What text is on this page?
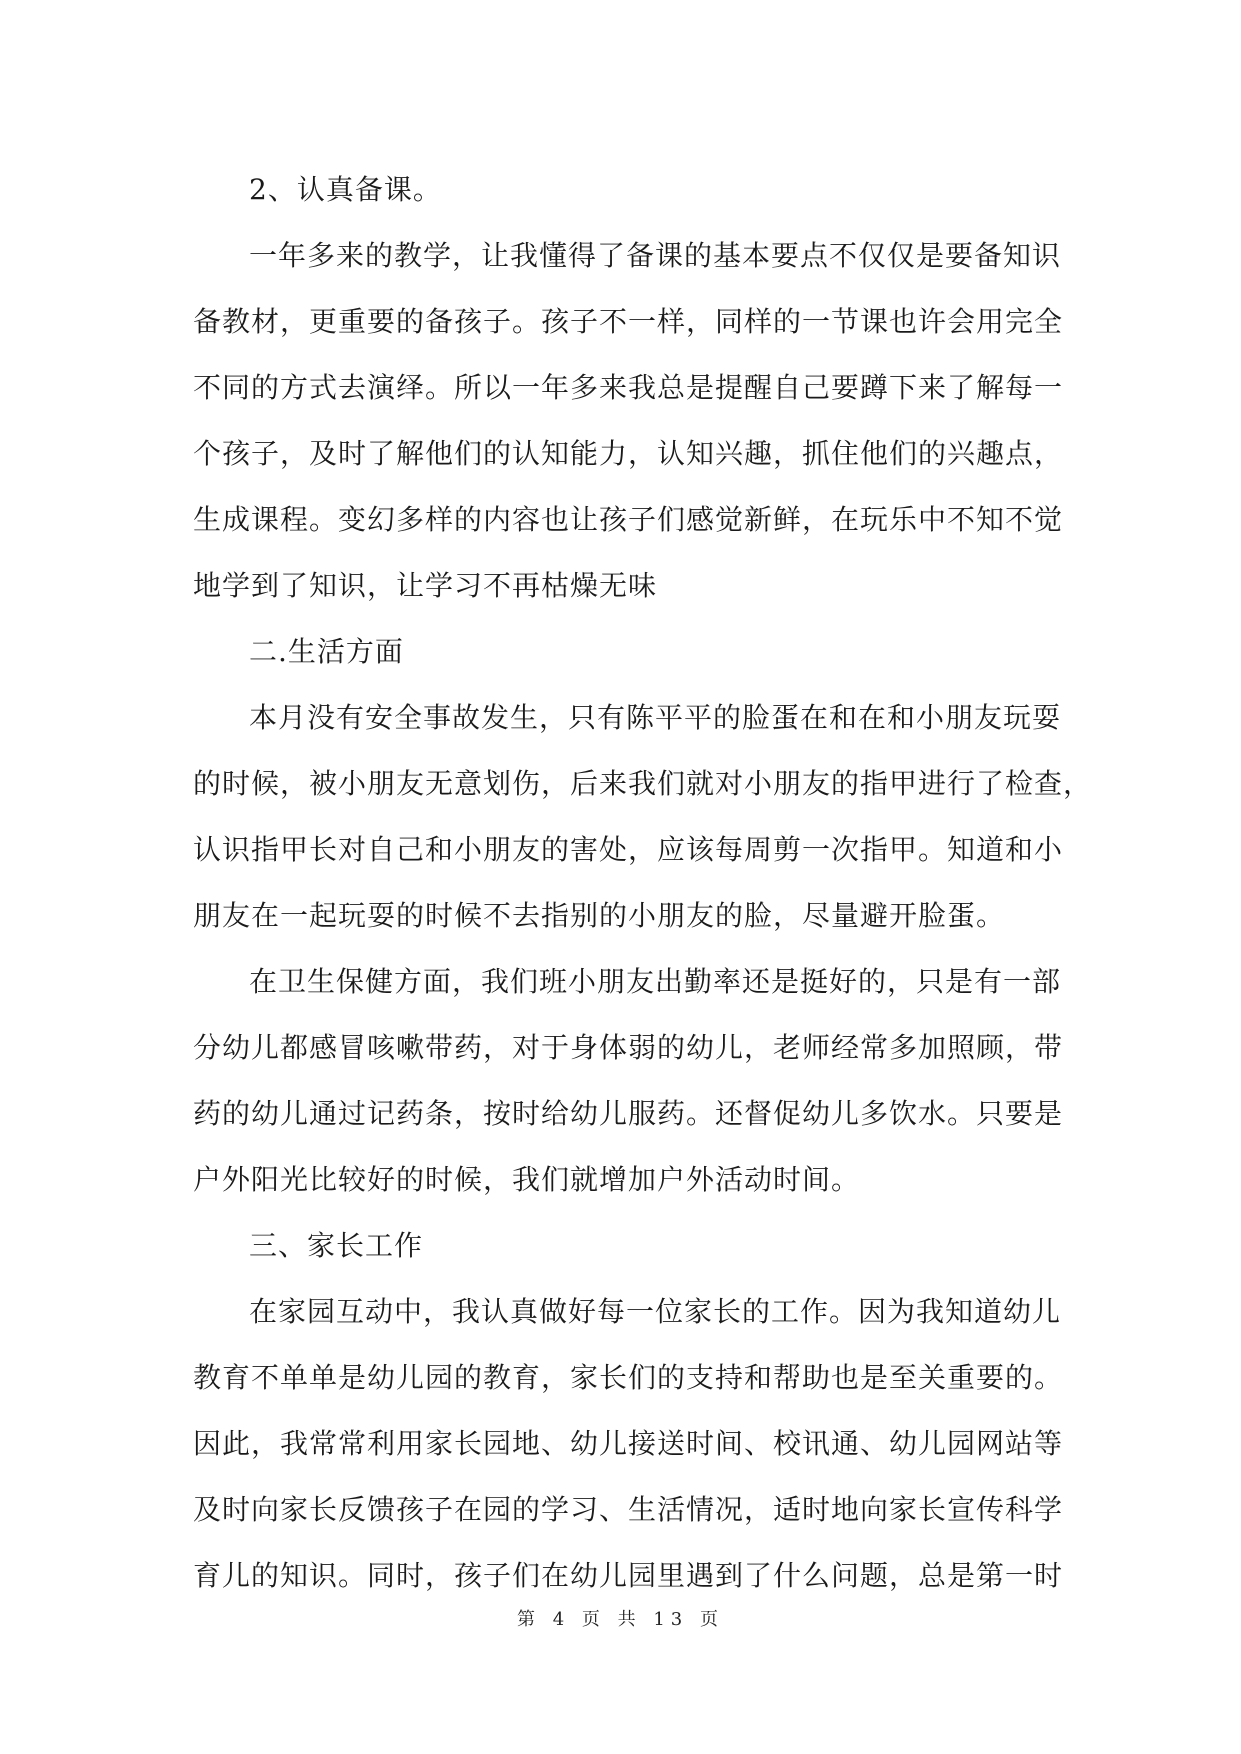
2、认真备课。
一年多来的教学，让我懂得了备课的基本要点不仅仅是要备知识
备教材，更重要的备孩子。孩子不一样，同样的一节课也许会用完全
不同的方式去演绎。所以一年多来我总是提醒自己要蹲下来了解每一
个孩子，及时了解他们的认知能力，认知兴趣，抓住他们的兴趣点，
生成课程。变幻多样的内容也让孩子们感觉新鲜，在玩乐中不知不觉
地学到了知识，让学习不再枯燥无味
二.生活方面
本月没有安全事故发生，只有陈平平的脸蛋在和在和小朋友玩耍
的时候，被小朋友无意划伤，后来我们就对小朋友的指甲进行了检查，
认识指甲长对自己和小朋友的害处，应该每周剪一次指甲。知道和小
朋友在一起玩耍的时候不去指别的小朋友的脸，尽量避开脸蛋。
在卫生保健方面，我们班小朋友出勤率还是挺好的，只是有一部
分幼儿都感冒咳嗽带药，对于身体弱的幼儿，老师经常多加照顾，带
药的幼儿通过记药条，按时给幼儿服药。还督促幼儿多饮水。只要是
户外阳光比较好的时候，我们就增加户外活动时间。
三、家长工作
在家园互动中，我认真做好每一位家长的工作。因为我知道幼儿
教育不单单是幼儿园的教育，家长们的支持和帮助也是至关重要的。
因此，我常常利用家长园地、幼儿接送时间、校讯通、幼儿园网站等
及时向家长反馈孩子在园的学习、生活情况，适时地向家长宣传科学
育儿的知识。同时，孩子们在幼儿园里遇到了什么问题，总是第一时
第 4 页 共 13 页
